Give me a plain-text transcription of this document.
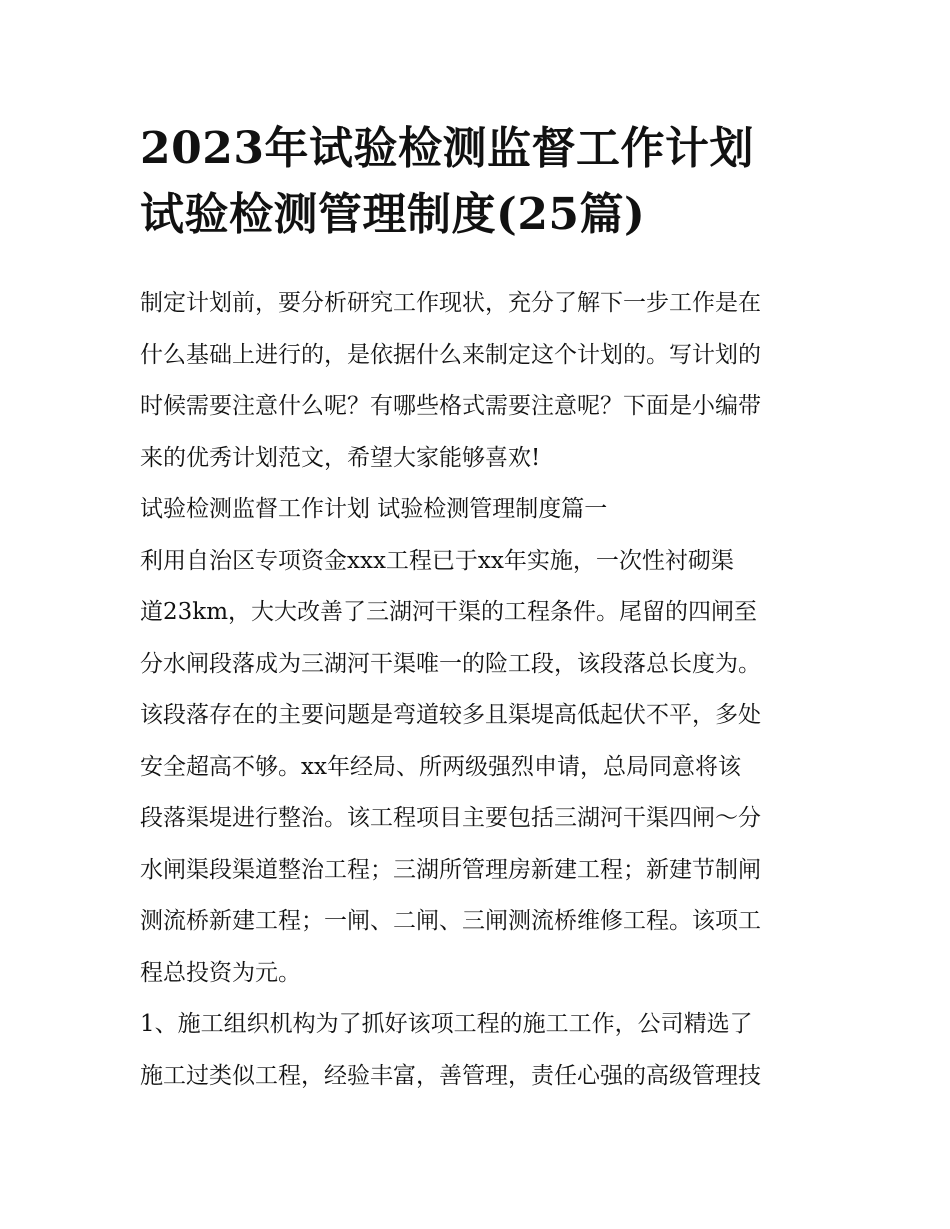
2023年试验检测监督工作计划
试验检测管理制度(25篇)
制定计划前，要分析研究工作现状，充分了解下一步工作是在
什么基础上进行的，是依据什么来制定这个计划的。写计划的
时候需要注意什么呢？有哪些格式需要注意呢？下面是小编带
来的优秀计划范文，希望大家能够喜欢!
试验检测监督工作计划 试验检测管理制度篇一
利用自治区专项资金xxx工程已于xx年实施，一次性衬砌渠
道23km，大大改善了三湖河干渠的工程条件。尾留的四闸至
分水闸段落成为三湖河干渠唯一的险工段，该段落总长度为。
该段落存在的主要问题是弯道较多且渠堤高低起伏不平，多处
安全超高不够。xx年经局、所两级强烈申请，总局同意将该
段落渠堤进行整治。该工程项目主要包括三湖河干渠四闸～分
水闸渠段渠道整治工程；三湖所管理房新建工程；新建节制闸
测流桥新建工程；一闸、二闸、三闸测流桥维修工程。该项工
程总投资为元。
1、施工组织机构为了抓好该项工程的施工工作，公司精选了
施工过类似工程，经验丰富，善管理，责任心强的高级管理技
